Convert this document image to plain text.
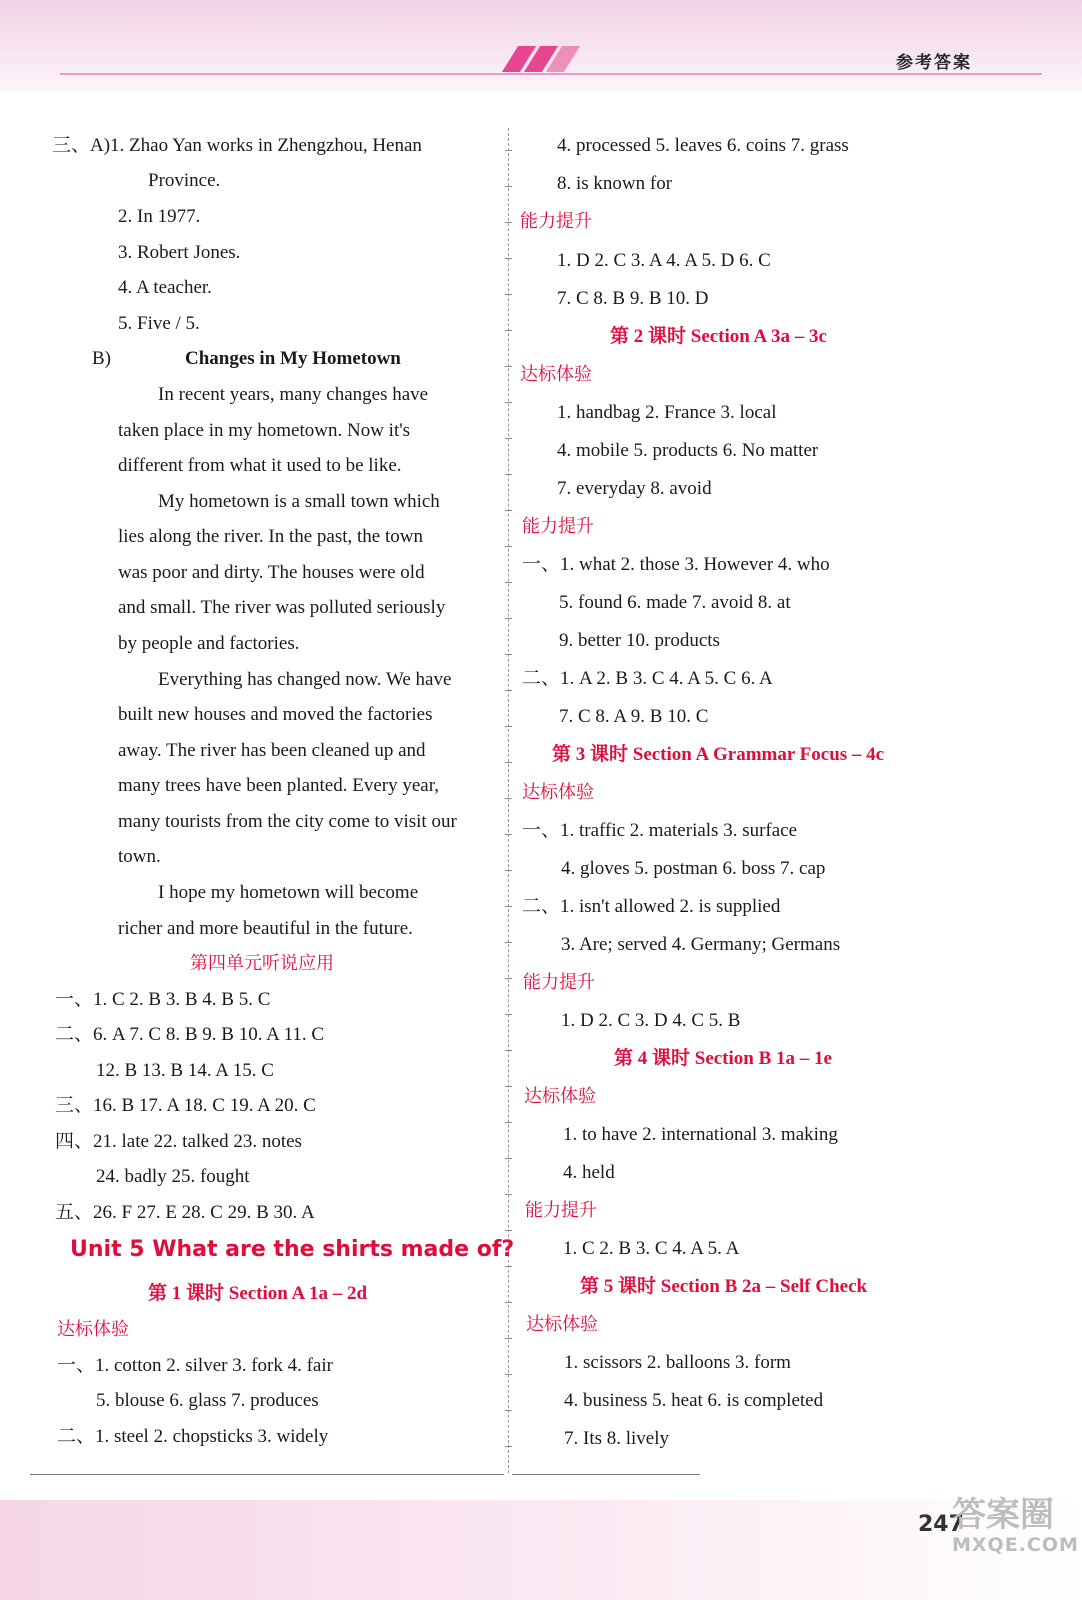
参考答案
三、A)1. Zhao Yan works in Zhengzhou, Henan
Province.
2. In 1977.
3. Robert Jones.
4. A teacher.
5. Five / 5.
B)	Changes in My Hometown
In recent years, many changes have
taken place in my hometown. Now it's
different from what it used to be like.
My hometown is a small town which
lies along the river. In the past, the town
was poor and dirty. The houses were old
and small. The river was polluted seriously
by people and factories.
Everything has changed now. We have
built new houses and moved the factories
away. The river has been cleaned up and
many trees have been planted. Every year,
many tourists from the city come to visit our
town.
I hope my hometown will become
richer and more beautiful in the future.
第四单元听说应用
一、1. C 2. B 3. B 4. B 5. C
二、6. A 7. C 8. B 9. B 10. A 11. C
12. B 13. B 14. A 15. C
三、16. B 17. A 18. C 19. A 20. C
四、21. late 22. talked 23. notes
24. badly 25. fought
五、26. F 27. E 28. C 29. B 30. A
Unit 5 What are the shirts made of?
第 1 课时 Section A 1a – 2d
达标体验
一、1. cotton 2. silver 3. fork 4. fair
5. blouse 6. glass 7. produces
二、1. steel 2. chopsticks 3. widely
4. processed 5. leaves 6. coins 7. grass
8. is known for
能力提升
1. D 2. C 3. A 4. A 5. D 6. C
7. C 8. B 9. B 10. D
第 2 课时 Section A 3a – 3c
达标体验
1. handbag 2. France 3. local
4. mobile 5. products 6. No matter
7. everyday 8. avoid
能力提升
一、1. what 2. those 3. However 4. who
5. found 6. made 7. avoid 8. at
9. better 10. products
二、1. A 2. B 3. C 4. A 5. C 6. A
7. C 8. A 9. B 10. C
第 3 课时 Section A Grammar Focus – 4c
达标体验
一、1. traffic 2. materials 3. surface
4. gloves 5. postman 6. boss 7. cap
二、1. isn't allowed 2. is supplied
3. Are; served 4. Germany; Germans
能力提升
1. D 2. C 3. D 4. C 5. B
第 4 课时 Section B 1a – 1e
达标体验
1. to have 2. international 3. making
4. held
能力提升
1. C 2. B 3. C 4. A 5. A
第 5 课时 Section B 2a – Self Check
达标体验
1. scissors 2. balloons 3. form
4. business 5. heat 6. is completed
7. Its 8. lively
247
答案圈
MXQE.COM
